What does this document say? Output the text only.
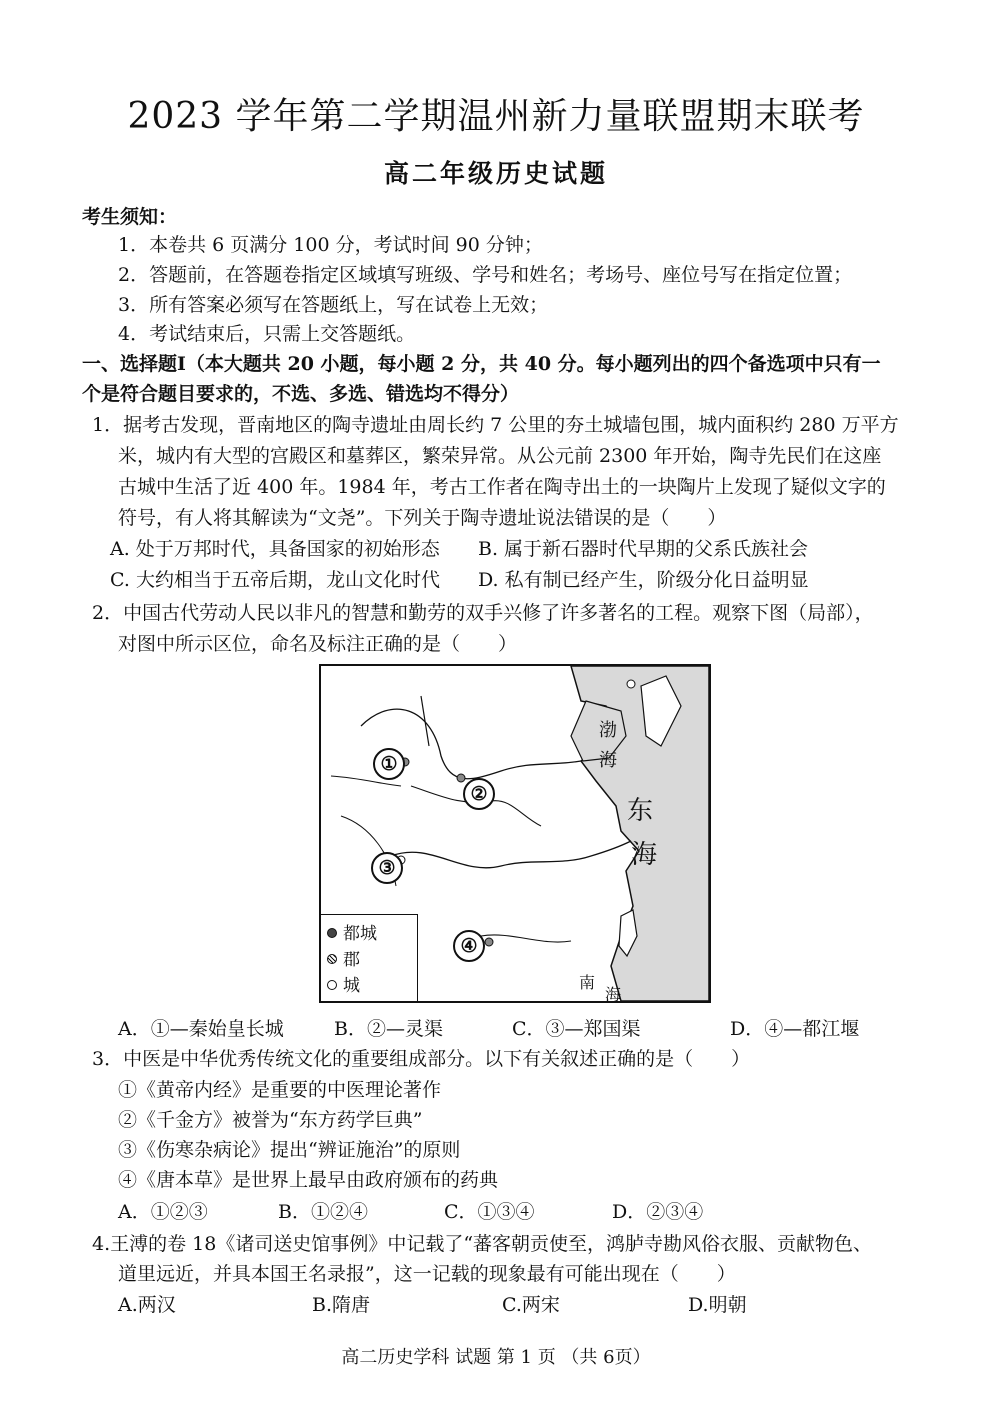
2023 学年第二学期温州新力量联盟期末联考
高二年级历史试题
考生须知：
1．本卷共 6 页满分 100 分，考试时间 90 分钟；
2．答题前，在答题卷指定区域填写班级、学号和姓名；考场号、座位号写在指定位置；
3．所有答案必须写在答题纸上，写在试卷上无效；
4．考试结束后，只需上交答题纸。
一、选择题Ⅰ（本大题共 20 小题，每小题 2 分，共 40 分。每小题列出的四个备选项中只有一
个是符合题目要求的，不选、多选、错选均不得分）
1．据考古发现，晋南地区的陶寺遗址由周长约 7 公里的夯土城墙包围，城内面积约 280 万平方
米，城内有大型的宫殿区和墓葬区，繁荣异常。从公元前 2300 年开始，陶寺先民们在这座
古城中生活了近 400 年。1984 年，考古工作者在陶寺出土的一块陶片上发现了疑似文字的
符号，有人将其解读为“文尧”。下列关于陶寺遗址说法错误的是（　　）
A. 处于万邦时代，具备国家的初始形态 B. 属于新石器时代早期的父系氏族社会
C. 大约相当于五帝后期，龙山文化时代 D. 私有制已经产生，阶级分化日益明显
2．中国古代劳动人民以非凡的智慧和勤劳的双手兴修了许多著名的工程。观察下图（局部），
对图中所示区位，命名及标注正确的是（　　）
①
②
③
④
渤
海
东
海
南
海
都城
郡
城
A．①—秦始皇长城	B．②—灵渠	C．③—郑国渠	D．④—都江堰
3．中医是中华优秀传统文化的重要组成部分。以下有关叙述正确的是（　　）
①《黄帝内经》是重要的中医理论著作
②《千金方》被誉为“东方药学巨典”
③《伤寒杂病论》提出“辨证施治”的原则
④《唐本草》是世界上最早由政府颁布的药典
A．①②③	B．①②④	C．①③④	D．②③④
4.王溥的卷 18《诸司送史馆事例》中记载了“蕃客朝贡使至，鸿胪寺勘风俗衣服、贡献物色、
道里远近，并具本国王名录报”，这一记载的现象最有可能出现在（　　）
A.两汉	B.隋唐	C.两宋	D.明朝
高二历史学科 试题 第 1 页 （共 6页）
